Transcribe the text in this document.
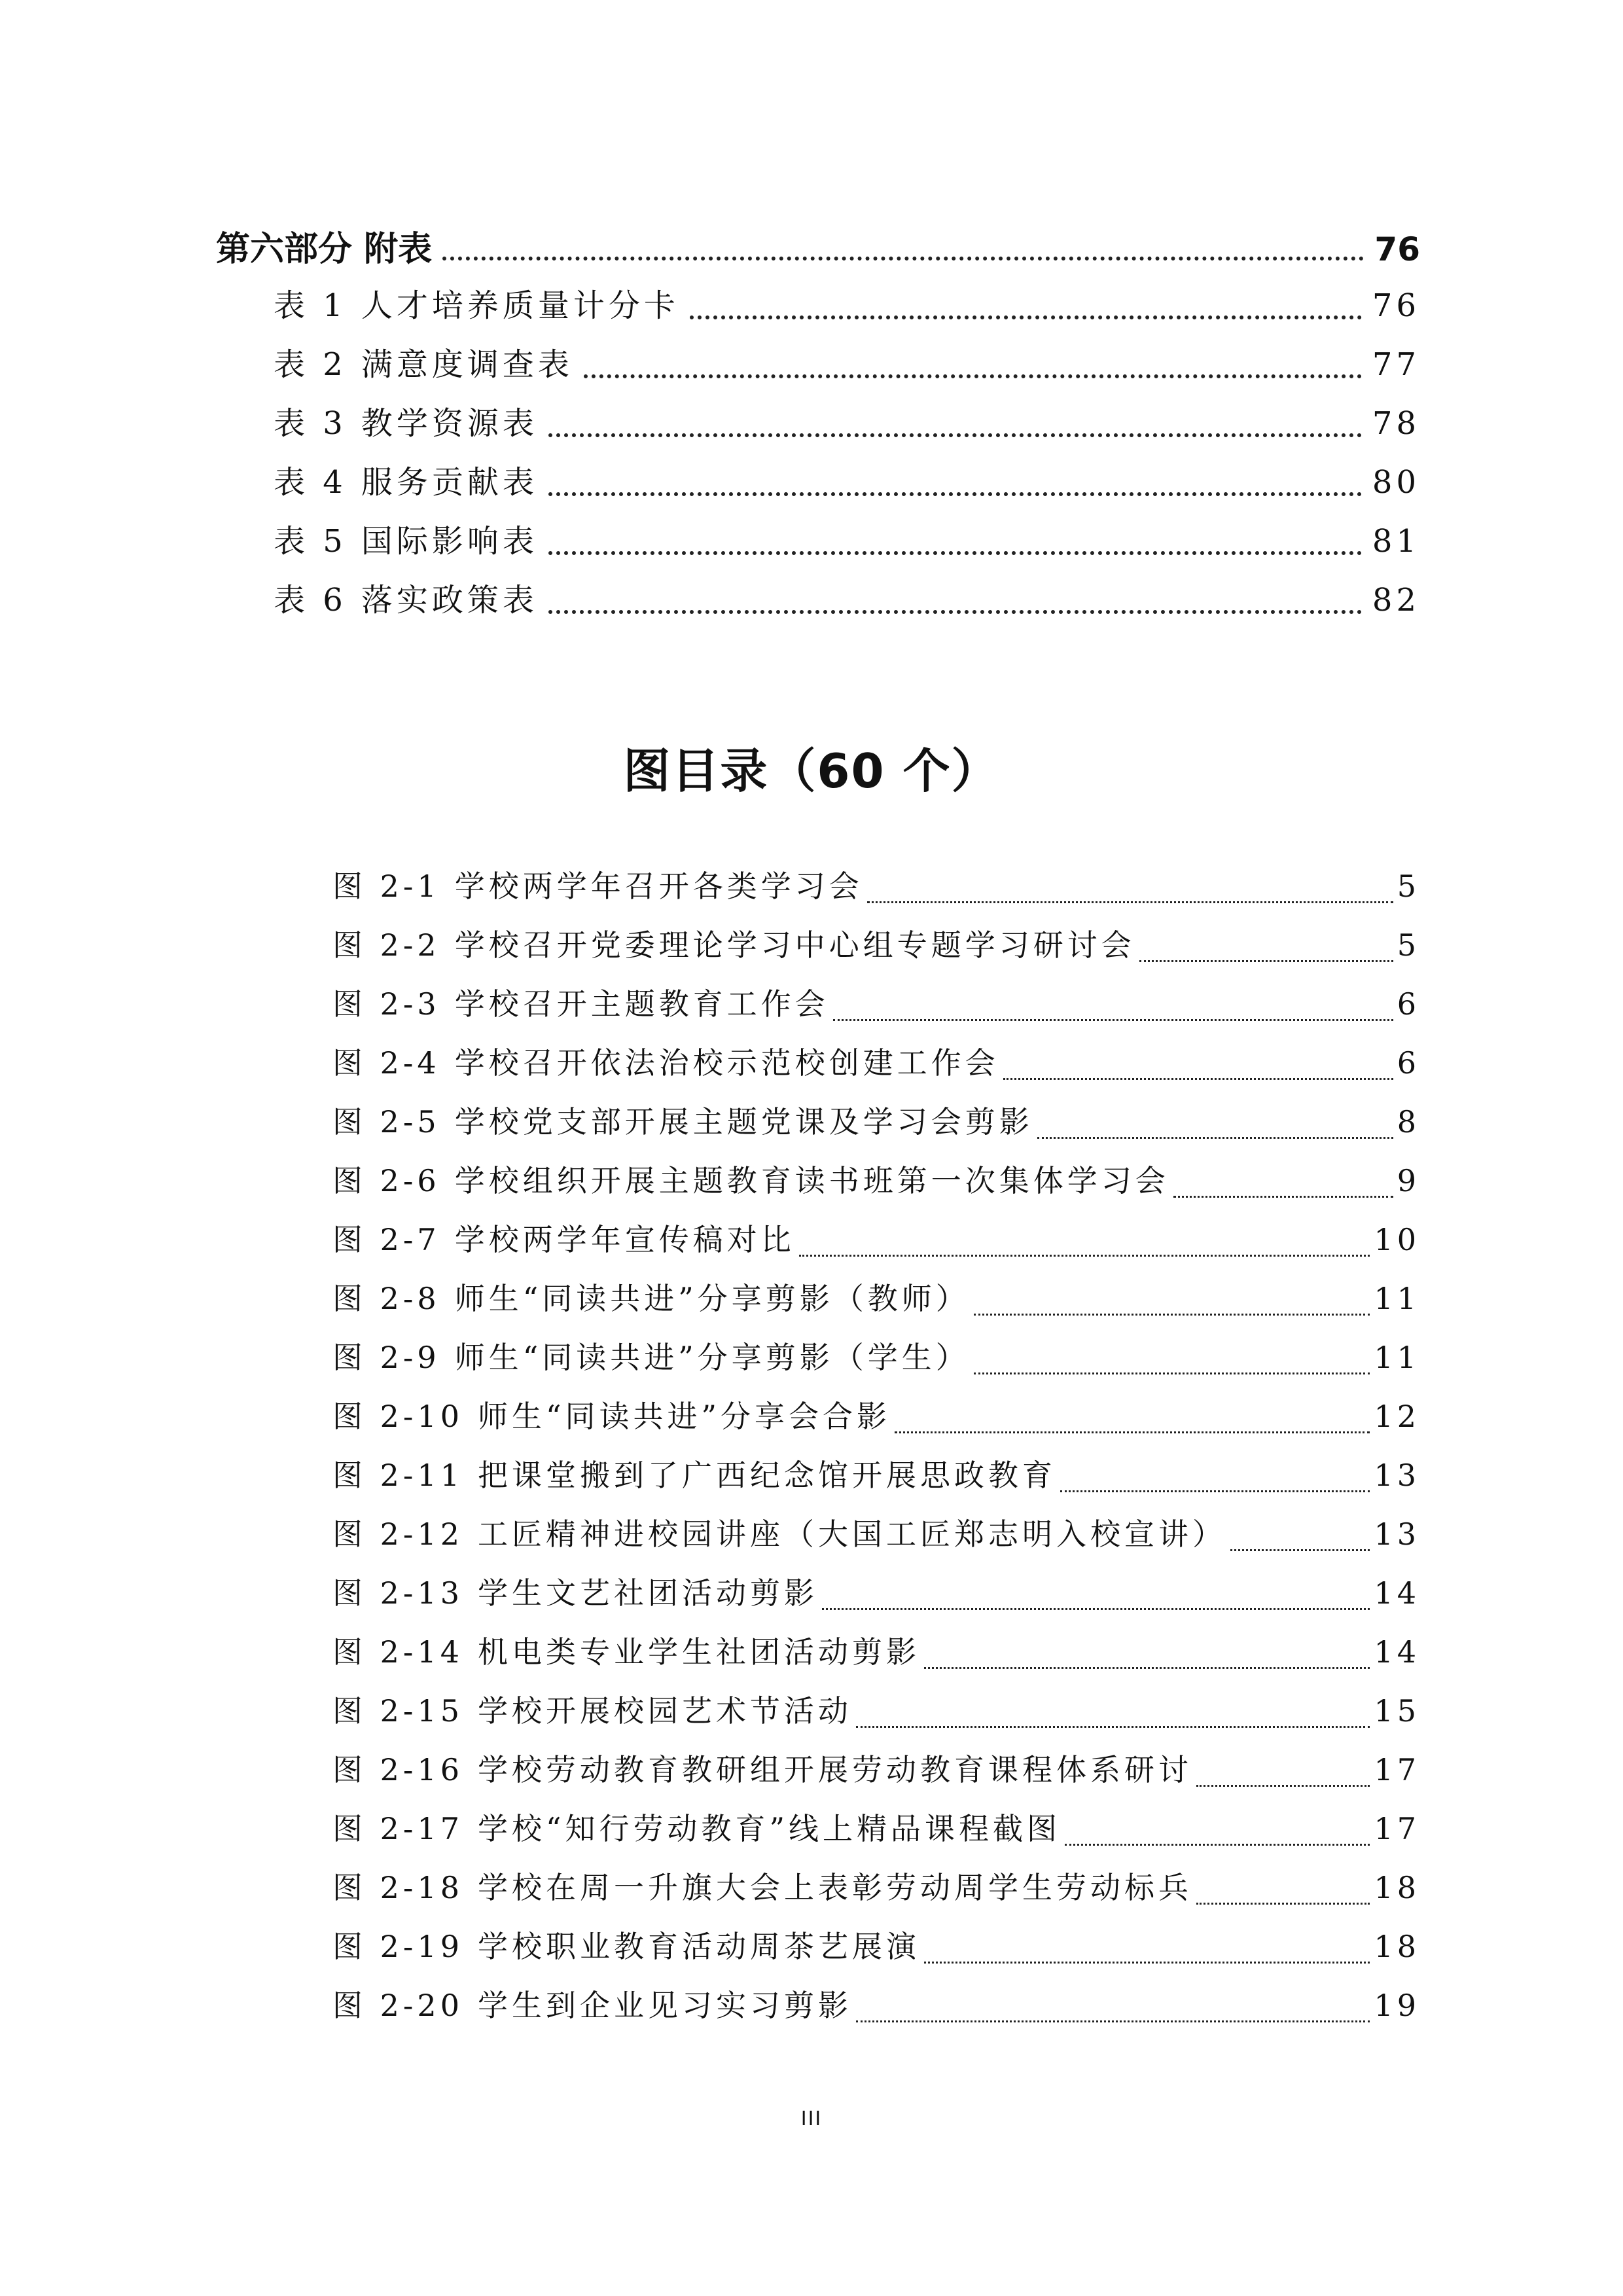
第六部分 附表	76
表 1 人才培养质量计分卡	76
表 2 满意度调查表	77
表 3 教学资源表	78
表 4 服务贡献表	80
表 5 国际影响表	81
表 6 落实政策表	82
图目录（60 个）
图 2-1 学校两学年召开各类学习会	5
图 2-2 学校召开党委理论学习中心组专题学习研讨会	5
图 2-3 学校召开主题教育工作会	6
图 2-4 学校召开依法治校示范校创建工作会	6
图 2-5 学校党支部开展主题党课及学习会剪影	8
图 2-6 学校组织开展主题教育读书班第一次集体学习会	9
图 2-7 学校两学年宣传稿对比	10
图 2-8 师生“同读共进”分享剪影（教师）	11
图 2-9 师生“同读共进”分享剪影（学生）	11
图 2-10 师生“同读共进”分享会合影	12
图 2-11 把课堂搬到了广西纪念馆开展思政教育	13
图 2-12 工匠精神进校园讲座（大国工匠郑志明入校宣讲）	13
图 2-13 学生文艺社团活动剪影	14
图 2-14 机电类专业学生社团活动剪影	14
图 2-15 学校开展校园艺术节活动	15
图 2-16 学校劳动教育教研组开展劳动教育课程体系研讨	17
图 2-17 学校“知行劳动教育”线上精品课程截图	17
图 2-18 学校在周一升旗大会上表彰劳动周学生劳动标兵	18
图 2-19 学校职业教育活动周茶艺展演	18
图 2-20 学生到企业见习实习剪影	19
III
